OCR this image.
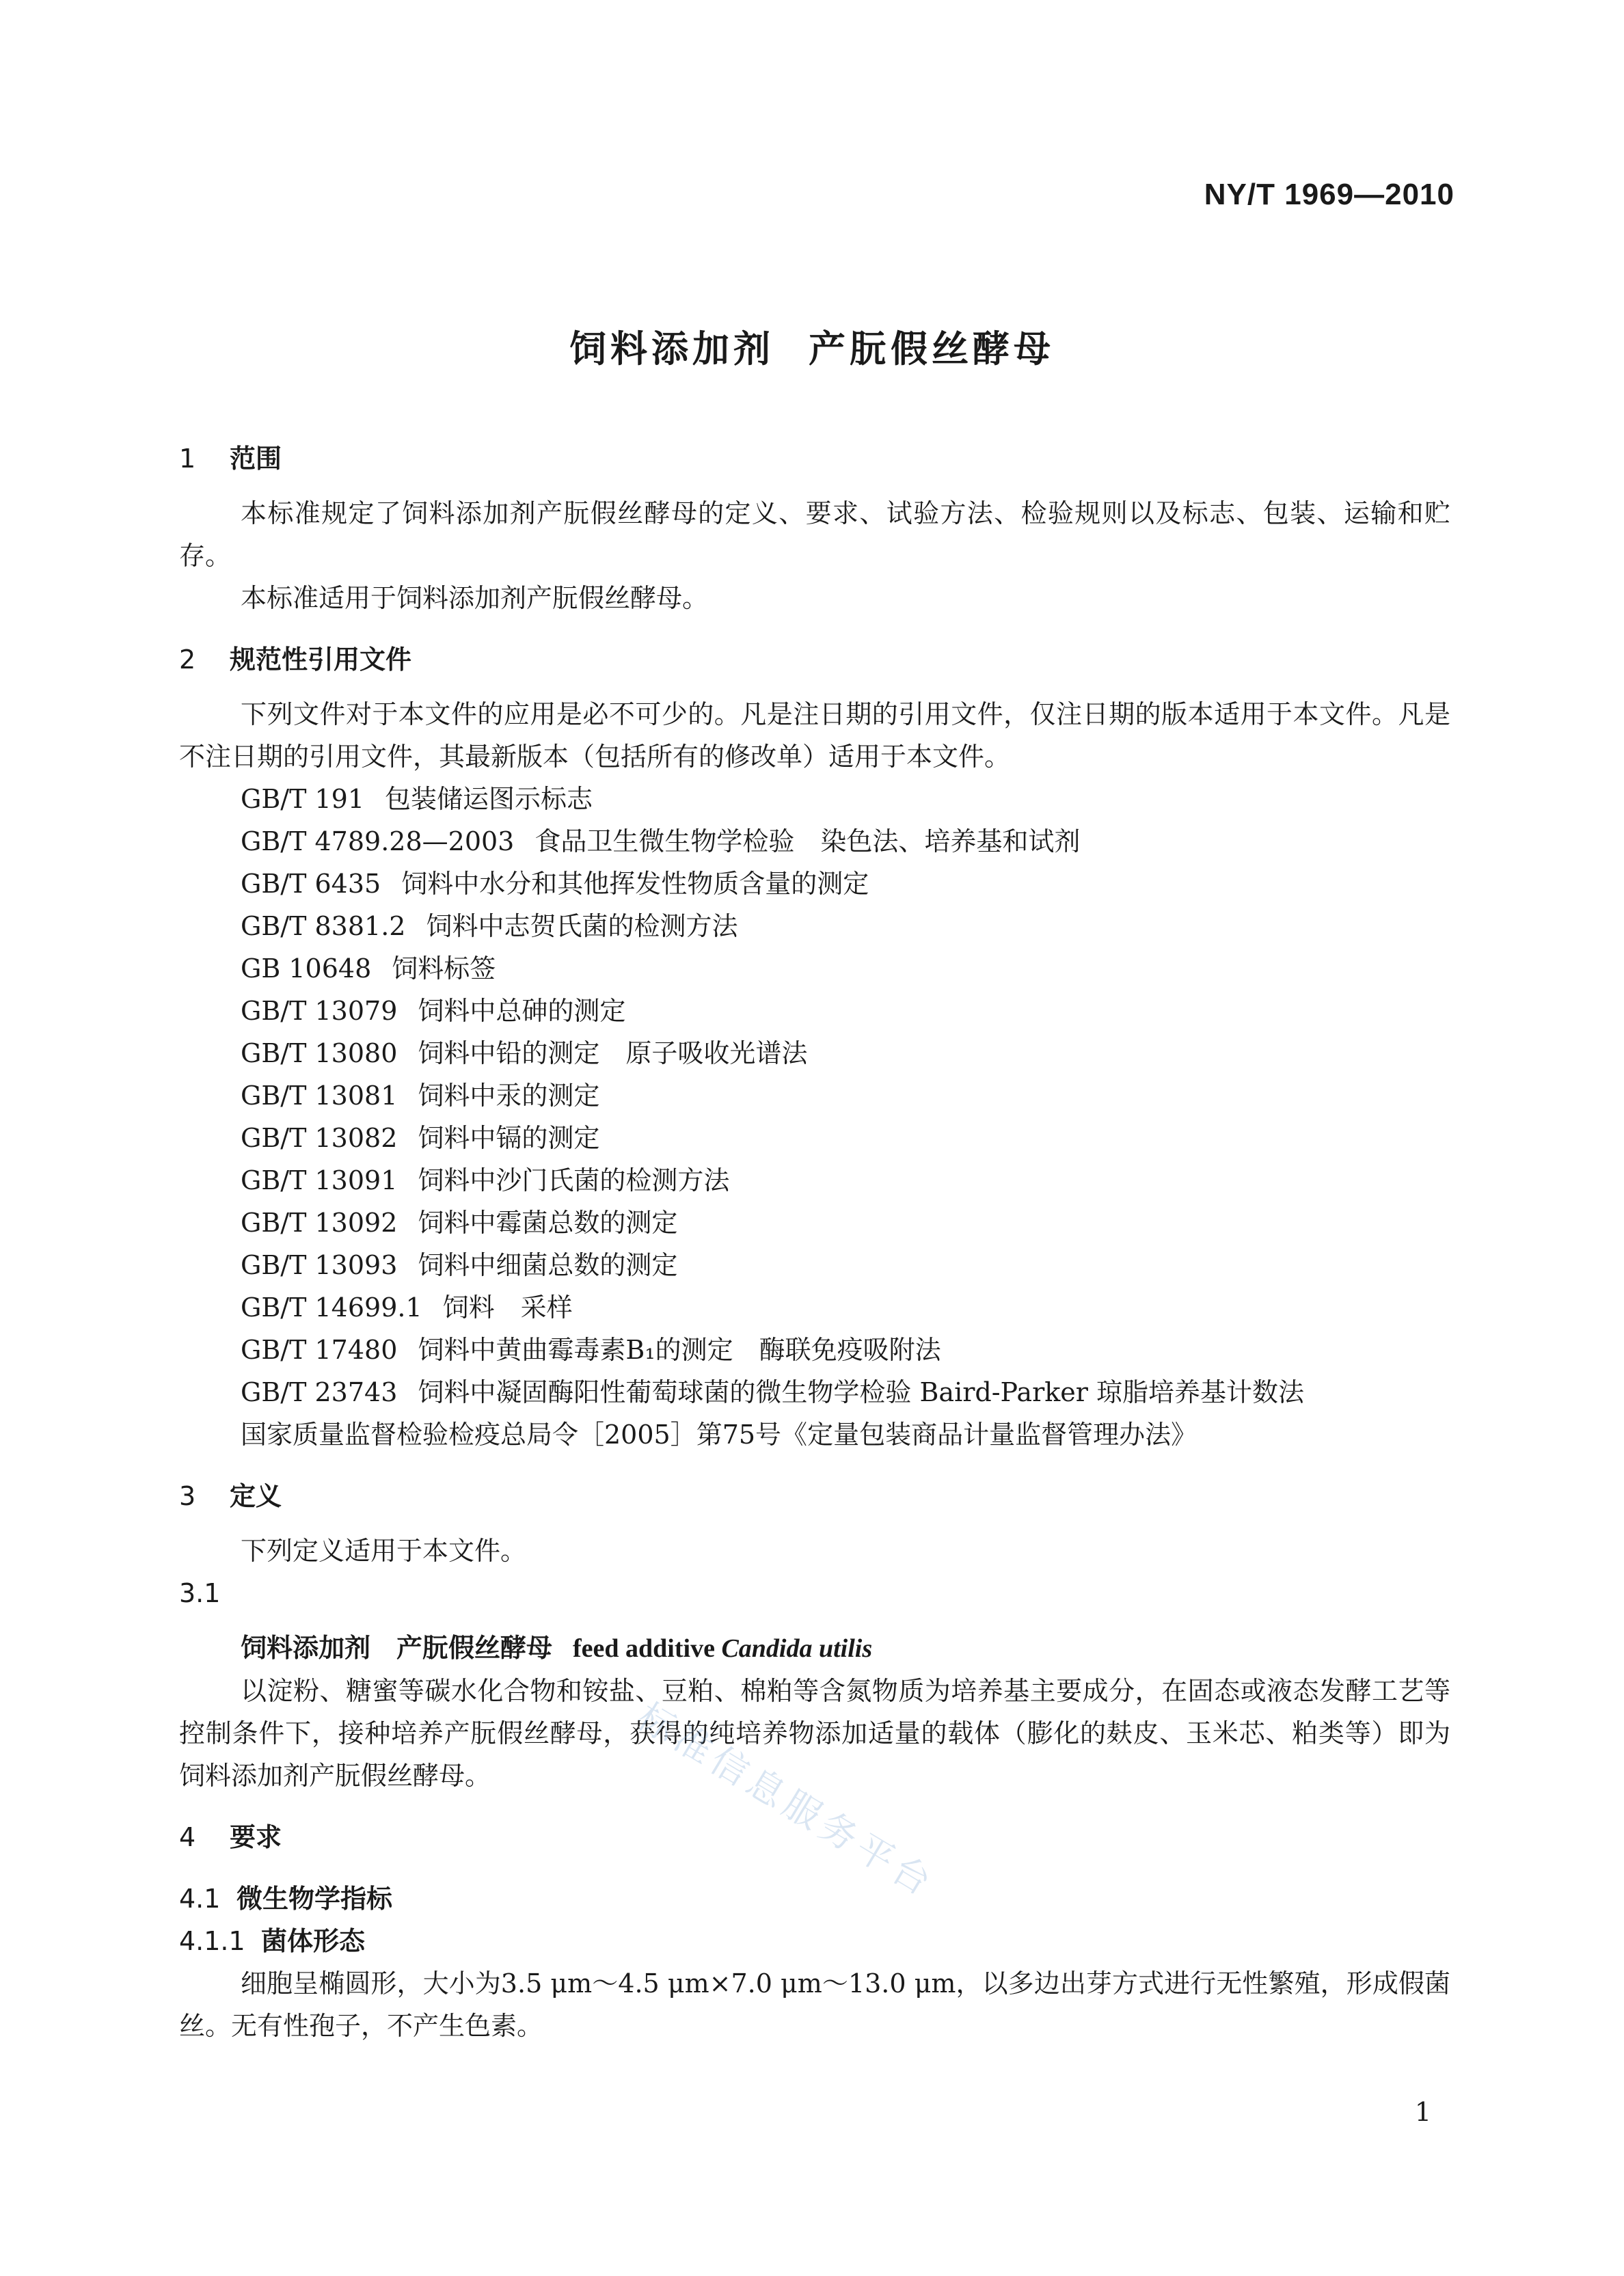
NY/T 1969—2010
饲料添加剂 产朊假丝酵母
1 范围

本标准规定了饲料添加剂产朊假丝酵母的定义、要求、试验方法、检验规则以及标志、包装、运输和贮存。

本标准适用于饲料添加剂产朊假丝酵母。

2 规范性引用文件

下列文件对于本文件的应用是必不可少的。凡是注日期的引用文件，仅注日期的版本适用于本文件。凡是不注日期的引用文件，其最新版本（包括所有的修改单）适用于本文件。

GB/T 191 包装储运图示标志

GB/T 4789.28—2003 食品卫生微生物学检验　染色法、培养基和试剂

GB/T 6435 饲料中水分和其他挥发性物质含量的测定

GB/T 8381.2 饲料中志贺氏菌的检测方法

GB 10648 饲料标签

GB/T 13079 饲料中总砷的测定

GB/T 13080 饲料中铅的测定　原子吸收光谱法

GB/T 13081 饲料中汞的测定

GB/T 13082 饲料中镉的测定

GB/T 13091 饲料中沙门氏菌的检测方法

GB/T 13092 饲料中霉菌总数的测定

GB/T 13093 饲料中细菌总数的测定

GB/T 14699.1 饲料　采样

GB/T 17480 饲料中黄曲霉毒素B₁的测定　酶联免疫吸附法

GB/T 23743 饲料中凝固酶阳性葡萄球菌的微生物学检验 Baird-Parker 琼脂培养基计数法

国家质量监督检验检疫总局令［2005］第75号《定量包装商品计量监督管理办法》

3 定义

下列定义适用于本文件。

3.1

饲料添加剂　产朊假丝酵母 feed additive Candida utilis

以淀粉、糖蜜等碳水化合物和铵盐、豆粕、棉粕等含氮物质为培养基主要成分，在固态或液态发酵工艺等控制条件下，接种培养产朊假丝酵母，获得的纯培养物添加适量的载体（膨化的麸皮、玉米芯、粕类等）即为饲料添加剂产朊假丝酵母。

4 要求
4.1 微生物学指标
4.1.1 菌体形态

细胞呈椭圆形，大小为3.5 μm～4.5 μm×7.0 μm～13.0 μm，以多边出芽方式进行无性繁殖，形成假菌丝。无有性孢子，不产生色素。

标准信息服务平台
1
